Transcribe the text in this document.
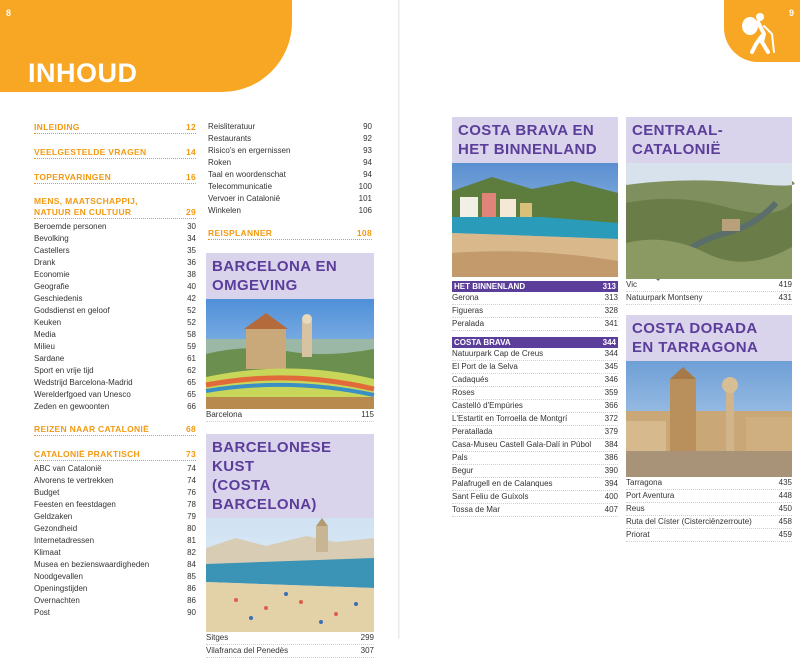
8
INHOUD
INLEIDING	12
VEELGESTELDE VRAGEN	14
TOPERVARINGEN	16
MENS, MAATSCHAPPIJ,
NATUUR EN CULTUUR	29
Beroemde personen	30
Bevolking	34
Castellers	35
Drank	36
Economie	38
Geografie	40
Geschiedenis	42
Godsdienst en geloof	52
Keuken	52
Media	58
Milieu	59
Sardane	61
Sport en vrije tijd	62
Wedstrijd Barcelona-Madrid	65
Werelderfgoed van Unesco	65
Zeden en gewoonten	66
REIZEN NAAR CATALONIË	68
CATALONIË PRAKTISCH	73
ABC van Catalonië	74
Alvorens te vertrekken	74
Budget	76
Feesten en feestdagen	78
Geldzaken	79
Gezondheid	80
Internetadressen	81
Klimaat	82
Musea en bezienswaardigheden	84
Noodgevallen	85
Openingstijden	86
Overnachten	86
Post	90
Reisliteratuur	90
Restaurants	92
Risico's en ergernissen	93
Roken	94
Taal en woordenschat	94
Telecommunicatie	100
Vervoer in Catalonië	101
Winkelen	106
REISPLANNER	108
BARCELONA EN
OMGEVING
Barcelona	115
BARCELONESE KUST
(COSTA BARCELONA)
Sitges	299
Vilafranca del Penedès	307
9
COSTA BRAVA EN
HET BINNENLAND
HET BINNENLAND	313
Gerona	313
Figueras	328
Peralada	341
COSTA BRAVA	344
Natuurpark Cap de Creus	344
El Port de la Selva	345
Cadaqués	346
Roses	359
Castelló d'Empúries	366
L'Estartit en Torroella de Montgrí	372
Peratallada	379
Casa-Museu Castell Gala-Dalí in Púbol 384
Pals	386
Begur	390
Palafrugell en de Calanques	394
Sant Feliu de Guíxols	400
Tossa de Mar	407
CENTRAAL-
CATALONIË
Vic	419
Natuurpark Montseny	431
COSTA DORADA
EN TARRAGONA
Tarragona	435
Port Aventura	448
Reus	450
Ruta del Císter (Cisterciënzerroute)	458
Priorat	459
